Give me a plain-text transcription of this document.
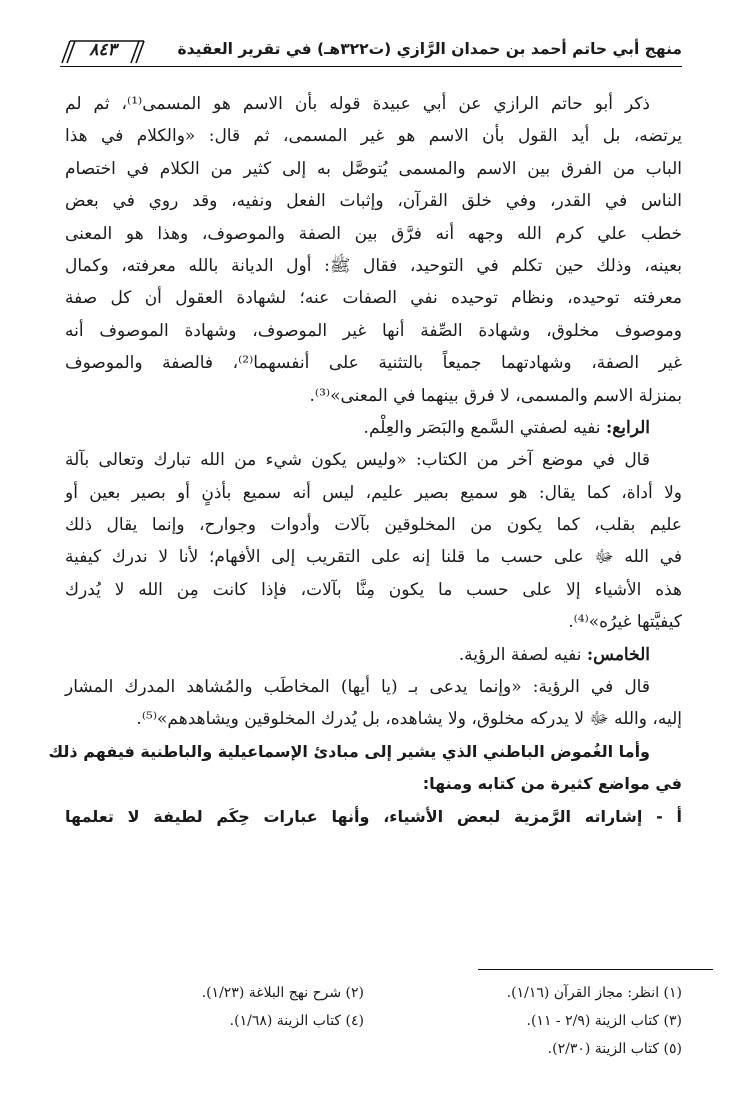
منهج أبي حاتم أحمد بن حمدان الرَّازي (ت٣٢٢هـ) في تقرير العقيدة
٨٤٣
ذكر أبو حاتم الرازي عن أبي عبيدة قوله بأن الاسم هو المسمى⁽¹⁾، ثم لم
يرتضه، بل أيد القول بأن الاسم هو غير المسمى، ثم قال: «والكلام في هذا
الباب من الفرق بين الاسم والمسمى يُتوصَّل به إلى كثير من الكلام في اختصام
الناس في القدر، وفي خلق القرآن، وإثبات الفعل ونفيه، وقد روي في بعض
خطب علي كرم الله وجهه أنه فرَّق بين الصفة والموصوف، وهذا هو المعنى
بعينه، وذلك حين تكلم في التوحيد، فقال ﷺ: أول الديانة بالله معرفته، وكمال
معرفته توحيده، ونظام توحيده نفي الصفات عنه؛ لشهادة العقول أن كل صفة
وموصوف مخلوق، وشهادة الصِّفة أنها غير الموصوف، وشهادة الموصوف أنه
غير الصفة، وشهادتهما جميعاً بالتثنية على أنفسهما⁽²⁾، فالصفة والموصوف
بمنزلة الاسم والمسمى، لا فرق بينهما في المعنى»⁽³⁾.
الرابع: نفيه لصفتي السَّمع والبَصَر والعِلْم.
قال في موضع آخر من الكتاب: «وليس يكون شيء من الله تبارك وتعالى بآلة
ولا أداة، كما يقال: هو سميع بصير عليم، ليس أنه سميع بأذنٍ أو بصير بعين أو
عليم بقلب، كما يكون من المخلوقين بآلات وأدوات وجوارح، وإنما يقال ذلك
في الله ﷻ على حسب ما قلنا إنه على التقريب إلى الأفهام؛ لأنا لا ندرك كيفية
هذه الأشياء إلا على حسب ما يكون مِنَّا بآلات، فإذا كانت مِن الله لا يُدرك
كيفيَّتها غيرُه»⁽⁴⁾.
الخامس: نفيه لصفة الرؤية.
قال في الرؤية: «وإنما يدعى بـ (يا أيها) المخاطَب والمُشاهد المدرك المشار
إليه، والله ﷻ لا يدركه مخلوق، ولا يشاهده، بل يُدرك المخلوقين ويشاهدهم»⁽⁵⁾.
وأما الغُموض الباطني الذي يشير إلى مبادئ الإسماعيلية والباطنية فيفهم ذلك
في مواضع كثيرة من كتابه ومنها:
أ - إشاراته الرَّمزية لبعض الأشياء، وأنها عبارات حِكَم لطيفة لا تعلمها
(١) انظر: مجاز القرآن (١/١٦).
(٢) شرح نهج البلاغة (١/٢٣).
(٣) كتاب الزينة (٢/٩ - ١١).
(٤) كتاب الزينة (١/٦٨).
(٥) كتاب الزينة (٢/٣٠).
